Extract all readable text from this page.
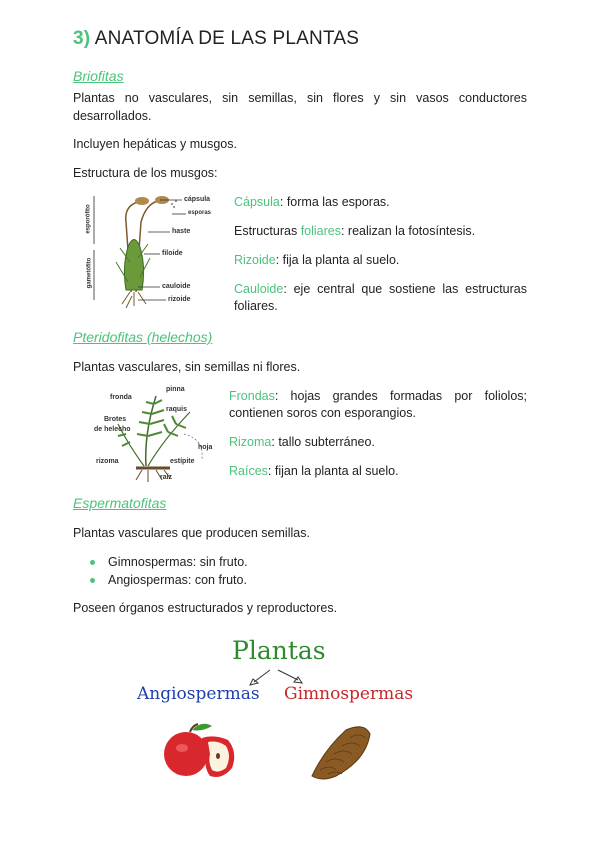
3) ANATOMÍA DE LAS PLANTAS
Briofitas
Plantas no vasculares, sin semillas, sin flores y sin vasos conductores desarrollados.
Incluyen hepáticas y musgos.
Estructura de los musgos:
cápsula
esporas
haste
filoide
cauloide
rizoide
esporófito
gametófito
Cápsula: forma las esporas.
Estructuras foliares: realizan la fotosíntesis.
Rizoide: fija la planta al suelo.
Cauloide: eje central que sostiene las estructuras foliares.
Pteridofitas (helechos)
Plantas vasculares, sin semillas ni flores.
pinna
fronda
raquis
Brotes
de helecho
hoja
rizoma	estípite
raíz
Frondas: hojas grandes formadas por foliolos; contienen soros con esporangios.
Rizoma: tallo subterráneo.
Raíces: fijan la planta al suelo.
Espermatofitas
Plantas vasculares que producen semillas.
Gimnospermas: sin fruto.
Angiospermas: con fruto.
Poseen órganos estructurados y reproductores.
Plantas
Angiospermas Gimnospermas
